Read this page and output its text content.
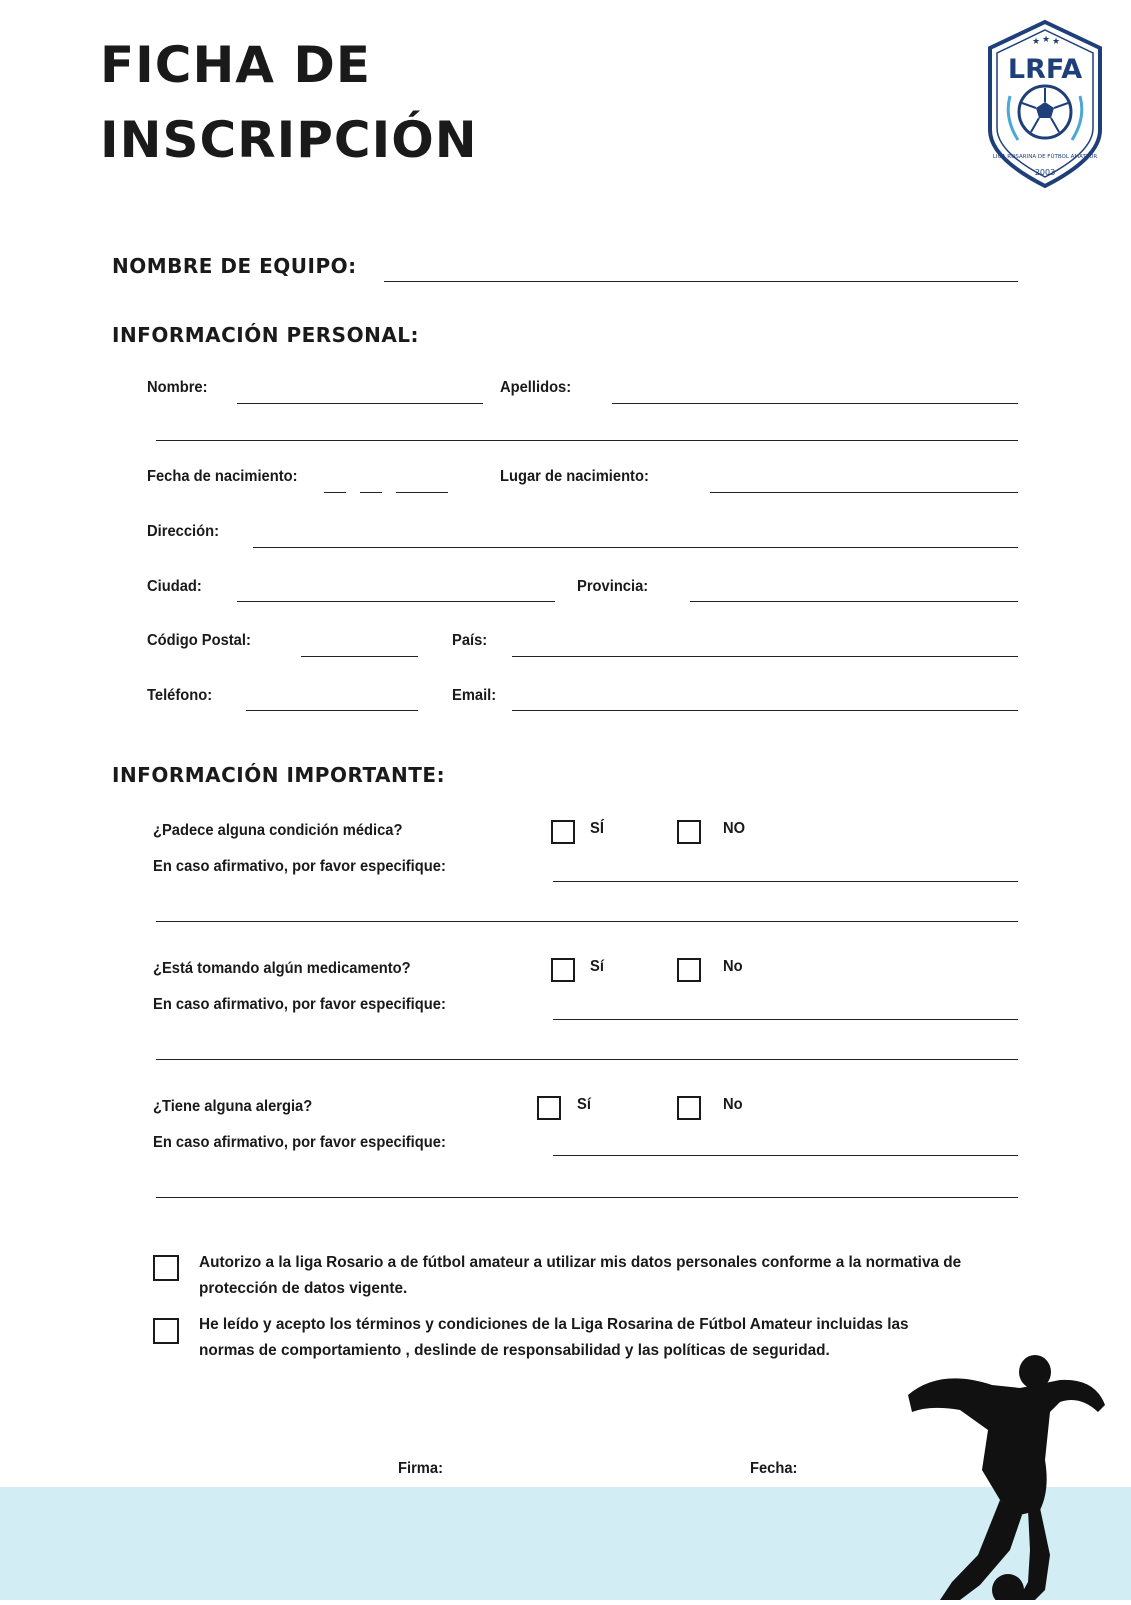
FICHA DE
INSCRIPCIÓN
★ ★ ★
LRFA
LIGA ROSARINA DE FÚTBOL AMATEUR
2003
NOMBRE DE EQUIPO:
INFORMACIÓN PERSONAL:
Nombre:	Apellidos:
Fecha de nacimiento:	Lugar de nacimiento:
Dirección:
Ciudad:	Provincia:
Código Postal:	País:
Teléfono:	Email:
INFORMACIÓN IMPORTANTE:
¿Padece alguna condición médica?	SÍ	NO
En caso afirmativo, por favor especifique:
¿Está tomando algún medicamento?	Sí	No
En caso afirmativo, por favor especifique:
¿Tiene alguna alergia?	Sí	No
En caso afirmativo, por favor especifique:
Autorizo a la liga Rosario a de fútbol amateur a utilizar mis datos personales conforme a la normativa de protección de datos vigente.
He leído y acepto los términos y condiciones de la Liga Rosarina de Fútbol Amateur incluidas las normas de comportamiento , deslinde de responsabilidad y las políticas de seguridad.
Firma:	Fecha:
